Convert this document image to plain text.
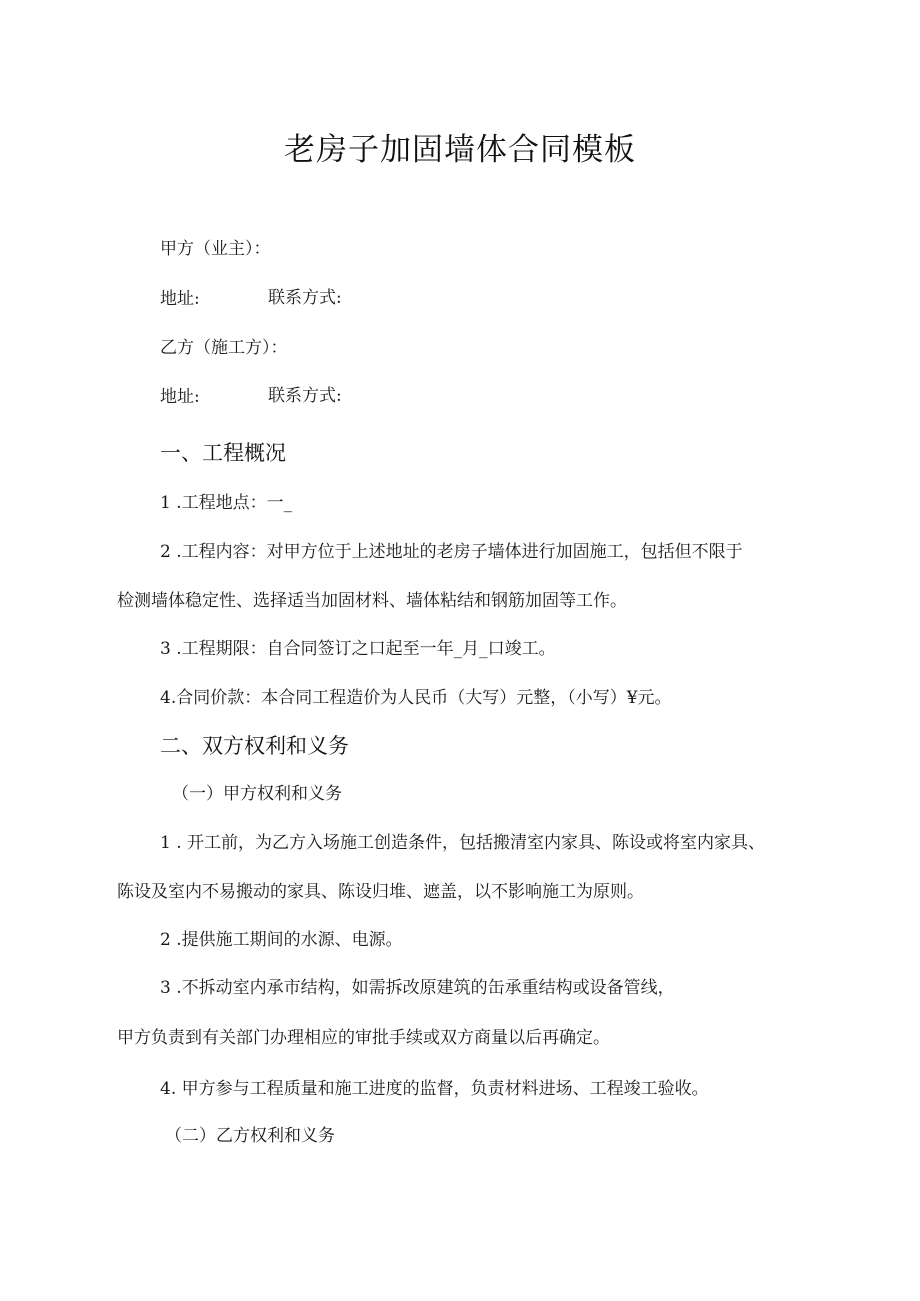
老房子加固墙体合同模板
甲方（业主）：
地址:	联系方式:
乙方（施工方）：
地址:	联系方式:
一、工程概况
1 .工程地点：一_
2 .工程内容：对甲方位于上述地址的老房子墙体进行加固施工，包括但不限于
检测墙体稳定性、选择适当加固材料、墙体粘结和钢筋加固等工作。
3 .工程期限：自合同签订之口起至一年_月_口竣工。
4.合同价款：本合同工程造价为人民币（大写）元整，（小写）¥元。
二、双方权利和义务
（一）甲方权利和义务
1 . 开工前，为乙方入场施工创造条件，包括搬清室内家具、陈设或将室内家具、
陈设及室内不易搬动的家具、陈设归堆、遮盖，以不影响施工为原则。
2 .提供施工期间的水源、电源。
3 .不拆动室内承市结构，如需拆改原建筑的缶承重结构或设备管线，
甲方负责到有关部门办理相应的审批手续或双方商量以后再确定。
4. 甲方参与工程质量和施工进度的监督，负责材料进场、工程竣工验收。
（二）乙方权利和义务
